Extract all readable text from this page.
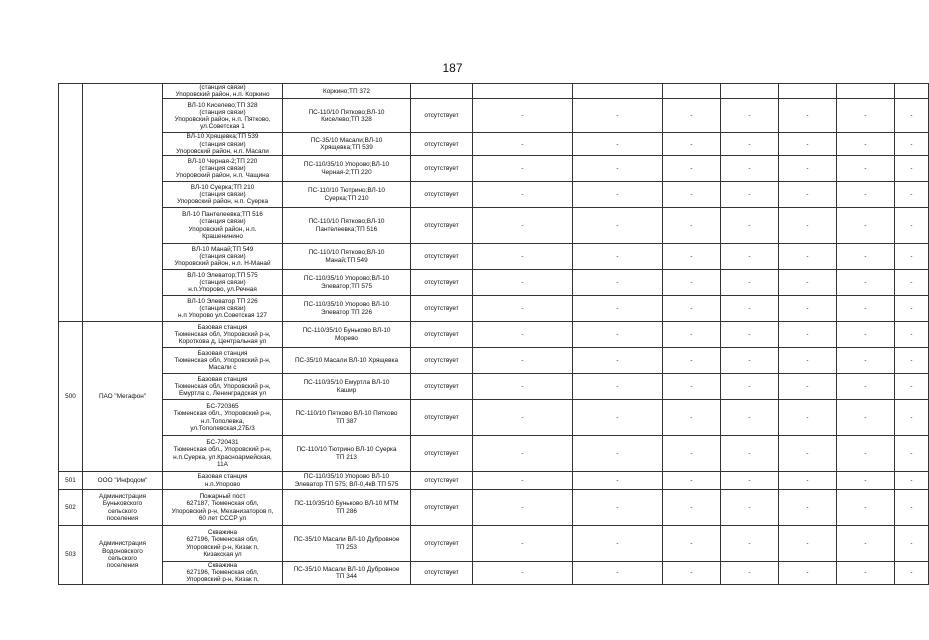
187
		(станция связи)
Упоровский район, н.п. Коркино	Коркино;ТП 372								
		ВЛ-10 Киселево;ТП 328
(станция связи)
Упоровский район, н.п. Пятково,
ул.Советская 1	ПС-110/10 Пятково;ВЛ-10
Киселево;ТП 328	отсутствует	-	-	-	-	-	-	-
		ВЛ-10 Хрящевка;ТП 539
(станция связи)
Упоровский район, н.п. Масали	ПС-35/10 Масали;ВЛ-10
Хрящевка;ТП 539	отсутствует	-	-	-	-	-	-	-
		ВЛ-10 Черная-2;ТП 220
(станция связи)
Упоровский район, н.п. Чащина	ПС-110/35/10 Упорово;ВЛ-10
Черная-2;ТП 220	отсутствует	-	-	-	-	-	-	-
		ВЛ-10 Суерка;ТП 210
(станция связи)
Упоровский район, н.п. Суерка	ПС-110/10 Тютрино;ВЛ-10
Суерка;ТП 210	отсутствует	-	-	-	-	-	-	-
		ВЛ-10 Пантелеевка;ТП 516
(станция связи)
Упоровский район, н.п.
Крашенинино	ПС-110/10 Пятково;ВЛ-10
Пантелеевка;ТП 516	отсутствует	-	-	-	-	-	-	-
		ВЛ-10 Манай;ТП 549
(станция связи)
Упоровский район, н.п. Н-Манай	ПС-110/10 Пятково;ВЛ-10
Манай;ТП 549	отсутствует	-	-	-	-	-	-	-
		ВЛ-10 Элеватор;ТП 575
(станция связи)
н.п.Упорово, ул.Речная	ПС-110/35/10 Упорово;ВЛ-10
Элеватор;ТП 575	отсутствует	-	-	-	-	-	-	-
		ВЛ-10 Элеватор ТП 226
(станция связи)
н.п Упорово ул.Советская 127	ПС-110/35/10 Упорово ВЛ-10
Элеватор ТП 226	отсутствует	-	-	-	-	-	-	-
500	ПАО "Мегафон"	Базовая станция
Тюменская обл, Упоровский р-н,
Короткова д, Центральная ул	ПС-110/35/10 Буньково ВЛ-10
Морево	отсутствует	-	-	-	-	-	-	-
		Базовая станция
Тюменская обл, Упоровский р-н,
Масали с	ПС-35/10 Масали ВЛ-10 Хрящевка	отсутствует	-	-	-	-	-	-	-
		Базовая станция
Тюменская обл, Упоровский р-н,
Емуртла с, Ленинградская ул	ПС-110/35/10 Емуртла ВЛ-10
Кашир	отсутствует	-	-	-	-	-	-	-
		БС-720365
Тюменская обл., Упоровский р-н,
н.п.Тополевка,
ул.Тополевская,27Б/3	ПС-110/10 Пятково ВЛ-10 Пятково
ТП 387	отсутствует	-	-	-	-	-	-	-
		БС-720431
Тюменская обл., Упоровский р-н,
н.п.Суерка, ул.Красноармейская,
11А	ПС-110/10 Тютрино ВЛ-10 Суерка
ТП 213	отсутствует	-	-	-	-	-	-	-
501	ООО "Инфодом"	Базовая станция
н.п.Упорово	ПС-110/35/10 Упорово ВЛ-10
Элеватор ТП 575; ВЛ-0,4кВ ТП 575	отсутствует	-	-	-	-	-	-	-
502	Администрация
Буньковского
сельского
поселения	Пожарный пост
627187, Тюменская обл,
Упоровский р-н, Механизаторов п,
60 лет СССР ул	ПС-110/35/10 Буньково ВЛ-10 МТМ
ТП 286	отсутствует	-	-	-	-	-	-	-
503	Администрация
Водоновского
сельского
поселения	Скважина
627196, Тюменская обл,
Упоровский р-н, Кизак п,
Кизакская ул	ПС-35/10 Масали ВЛ-10 Дубровное
ТП 253	отсутствует	-	-	-	-	-	-	-
		Скважина
627196, Тюменская обл,
Упоровский р-н, Кизак п,	ПС-35/10 Масали ВЛ-10 Дубровное
ТП 344	отсутствует	-	-	-	-	-	-	-
